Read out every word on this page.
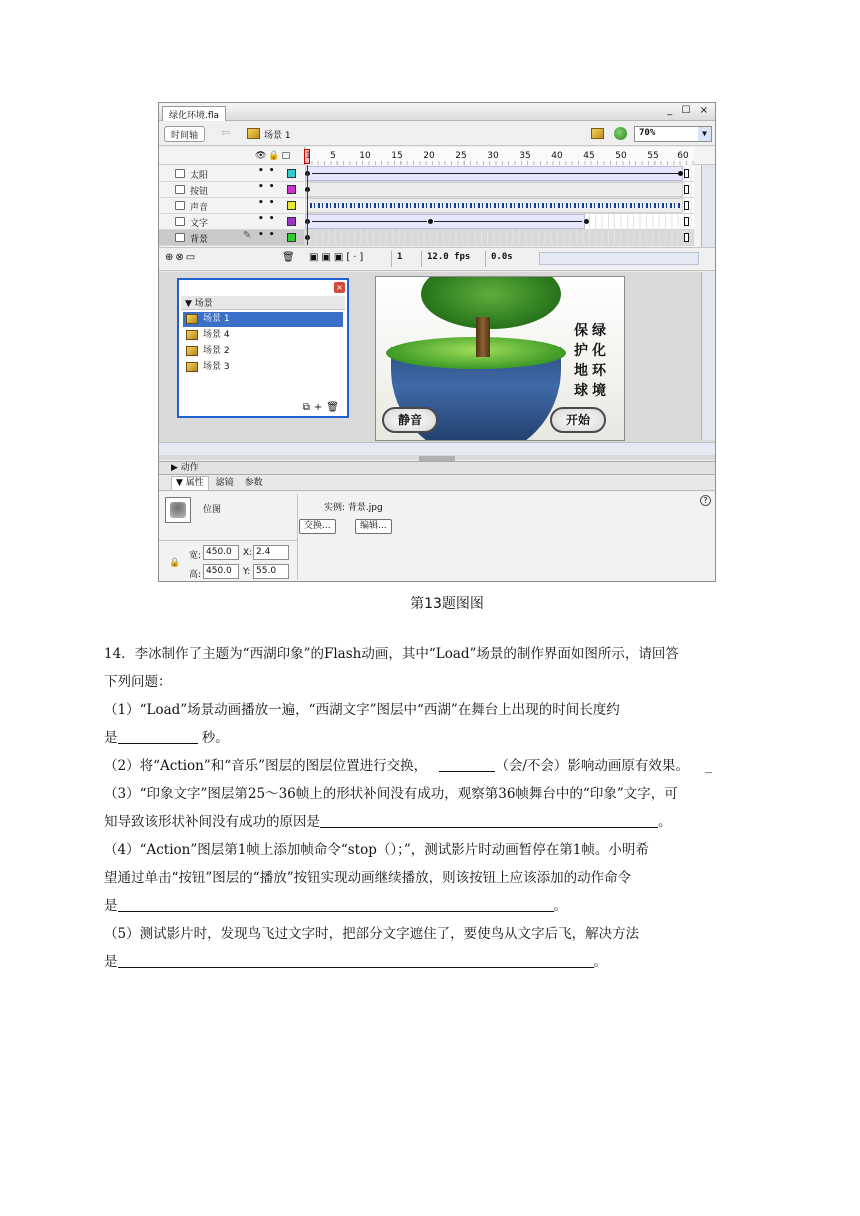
绿化环境.fla	_ ☐ ×
时间轴	⇦	场景 1	70%	▼
👁🔒□ 1 5	10 15 20 25 30 35 40 45 50 55 60
太阳	••
按钮	••
声音	••
文字	••
背景	✎ ••
⊕⊗▭	🗑 ▣▣▣[·]	1	12.0 fps	0.0s
×
▼ 场景
场景 1
场景 4
场景 2
场景 3
⧉+🗑
保绿
护化
地环
球境
静音	开始
▶ 动作
▼ 属性 滤镜 参数
位图	实例: 背景.jpg
交换...	编辑...
?
🔒
宽: 450.0	X: 2.4
高: 450.0	Y: 55.0
第13题图图
14．李冰制作了主题为“西湖印象”的Flash动画，其中“Load”场景的制作界面如图所示，请回答
下列问题：
（1）“Load”场景动画播放一遍，“西湖文字”图层中“西湖”在舞台上出现的时间长度约
是	秒。
（2）将“Action”和“音乐”图层的图层位置进行交换，	（会/不会）影响动画原有效果。 _
（3）“印象文字”图层第25～36帧上的形状补间没有成功，观察第36帧舞台中的“印象”文字，可
知导致该形状补间没有成功的原因是	。
（4）“Action”图层第1帧上添加帧命令“stop（）；”，测试影片时动画暂停在第1帧。小明希
望通过单击“按钮”图层的“播放”按钮实现动画继续播放，则该按钮上应该添加的动作命令
是	。
（5）测试影片时，发现鸟飞过文字时，把部分文字遮住了，要使鸟从文字后飞，解决方法
是	。
